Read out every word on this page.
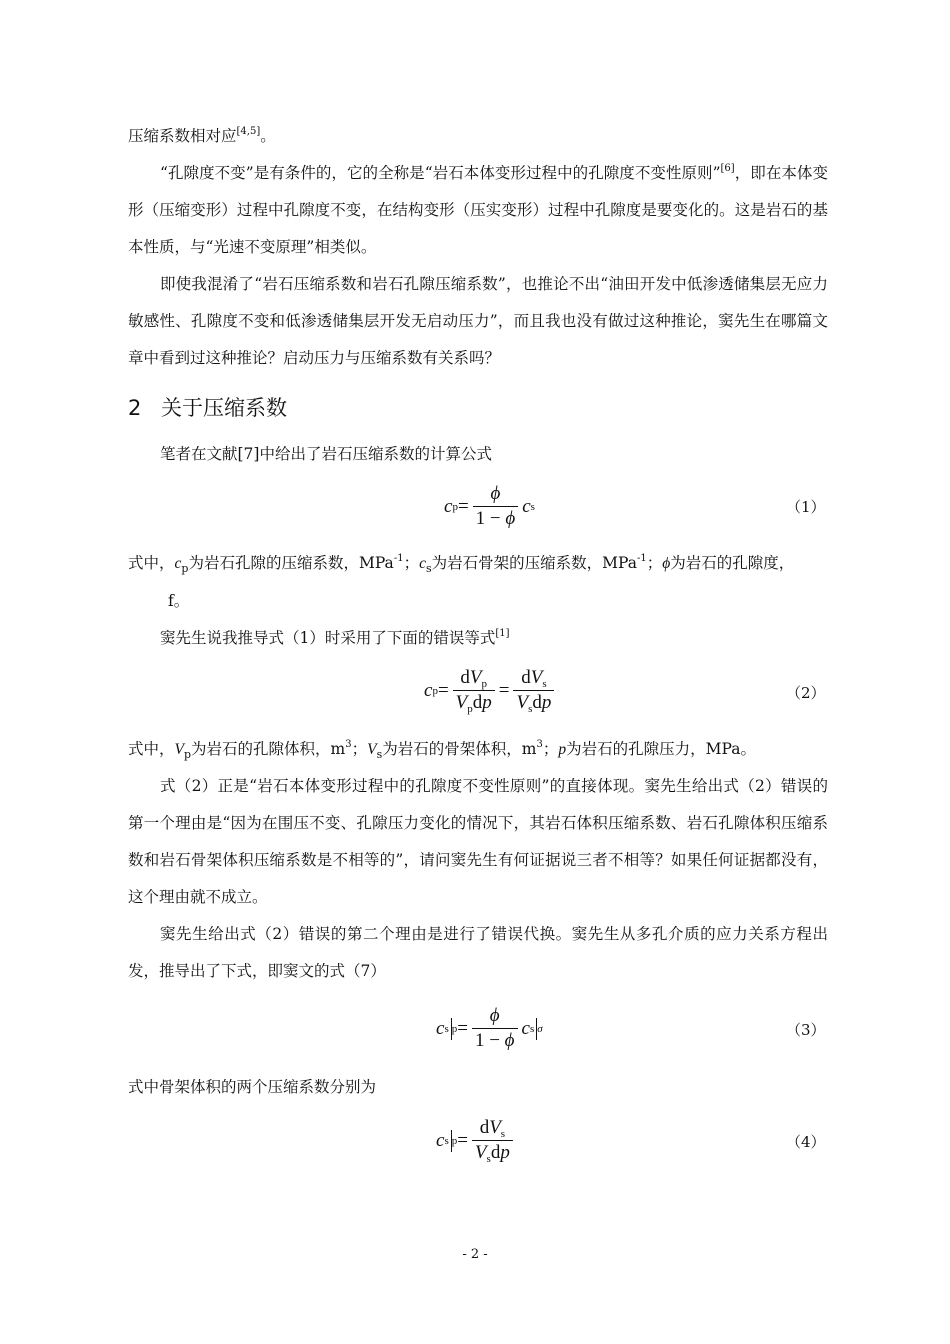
压缩系数相对应[4,5]。
“孔隙度不变”是有条件的，它的全称是“岩石本体变形过程中的孔隙度不变性原则”[6]，即在本体变形（压缩变形）过程中孔隙度不变，在结构变形（压实变形）过程中孔隙度是要变化的。这是岩石的基本性质，与“光速不变原理”相类似。
即使我混淆了“岩石压缩系数和岩石孔隙压缩系数”，也推论不出“油田开发中低渗透储集层无应力敏感性、孔隙度不变和低渗透储集层开发无启动压力”，而且我也没有做过这种推论，窦先生在哪篇文章中看到过这种推论？启动压力与压缩系数有关系吗？
2 关于压缩系数
笔者在文献[7]中给出了岩石压缩系数的计算公式
c $p = \frac{\phi}{1 - \phi}$ c s	（1）
式中，$c_p$为岩石孔隙的压缩系数，MPa$^{-1}$；$c_s$为岩石骨架的压缩系数，MPa$^{-1}$；ϕ为岩石的孔隙度，
f。
窦先生说我推导式（1）时采用了下面的错误等式[1]
c $p = \frac{dV_p}{V_pdp} = \frac{dV_s}{V_sdp}$	（2）
式中，$V_p$为岩石的孔隙体积，$m^3$；$V_s$为岩石的骨架体积，$m^3$；p为岩石的孔隙压力，MPa。
式（2）正是“岩石本体变形过程中的孔隙度不变性原则”的直接体现。窦先生给出式（2）错误的第一个理由是“因为在围压不变、孔隙压力变化的情况下，其岩石体积压缩系数、岩石孔隙体积压缩系数和岩石骨架体积压缩系数是不相等的”，请问窦先生有何证据说三者不相等？如果任何证据都没有，这个理由就不成立。
窦先生给出式（2）错误的第二个理由是进行了错误代换。窦先生从多孔介质的应力关系方程出发，推导出了下式，即窦文的式（7）
c s $p = \frac{\phi}{1 - \phi}$ c s σ	（3）
式中骨架体积的两个压缩系数分别为
c s $p = \frac{dV_s}{V_sdp}$	（4）
- 2 -
